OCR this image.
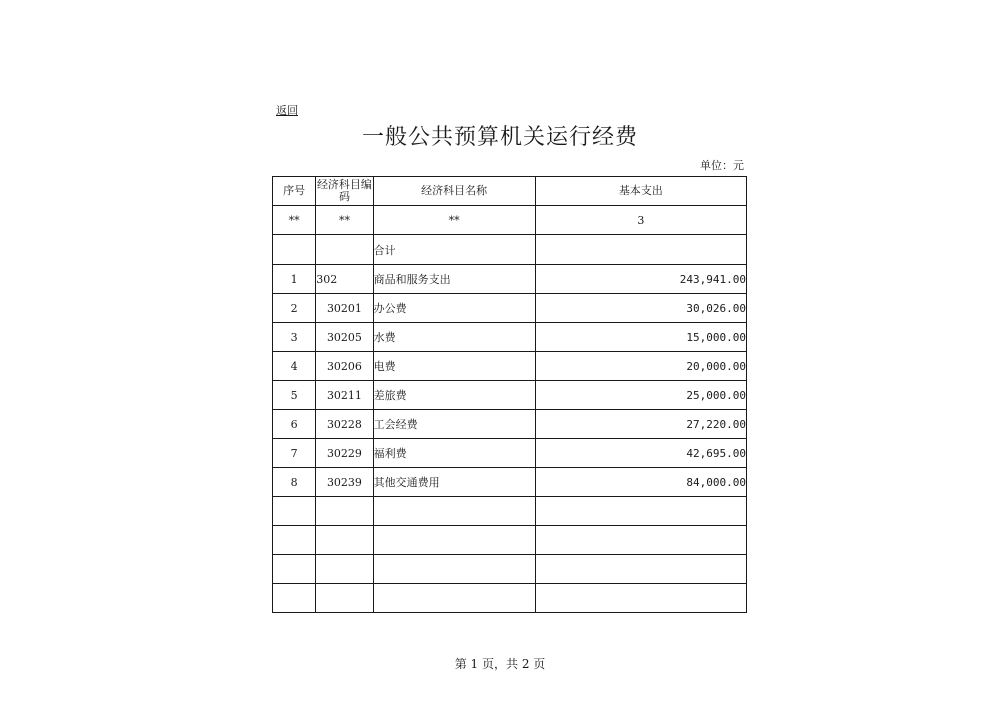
返回
一般公共预算机关运行经费
单位：元
序号	经济科目编码	经济科目名称	基本支出
**	**	**	3
		合计	
1	302	商品和服务支出	243,941.00
2	30201	办公费	30,026.00
3	30205	水费	15,000.00
4	30206	电费	20,000.00
5	30211	差旅费	25,000.00
6	30228	工会经费	27,220.00
7	30229	福利费	42,695.00
8	30239	其他交通费用	84,000.00

第 1 页，共 2 页
